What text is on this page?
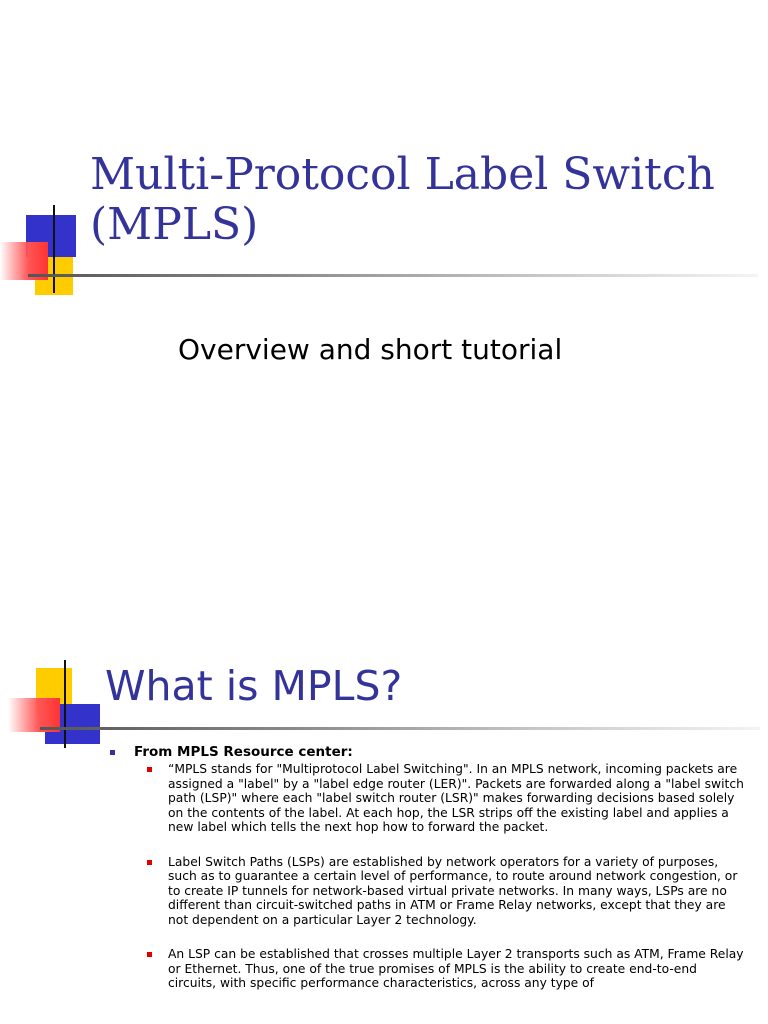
Multi-Protocol Label Switch (MPLS)
Overview and short tutorial
What is MPLS?
From MPLS Resource center:
“MPLS stands for "Multiprotocol Label Switching". In an MPLS network, incoming packets are assigned a "label" by a "label edge router (LER)". Packets are forwarded along a "label switch path (LSP)" where each "label switch router (LSR)" makes forwarding decisions based solely on the contents of the label. At each hop, the LSR strips off the existing label and applies a new label which tells the next hop how to forward the packet.
Label Switch Paths (LSPs) are established by network operators for a variety of purposes, such as to guarantee a certain level of performance, to route around network congestion, or to create IP tunnels for network-based virtual private networks. In many ways, LSPs are no different than circuit-switched paths in ATM or Frame Relay networks, except that they are not dependent on a particular Layer 2 technology.
An LSP can be established that crosses multiple Layer 2 transports such as ATM, Frame Relay or Ethernet. Thus, one of the true promises of MPLS is the ability to create end-to-end circuits, with specific performance characteristics, across any type of
